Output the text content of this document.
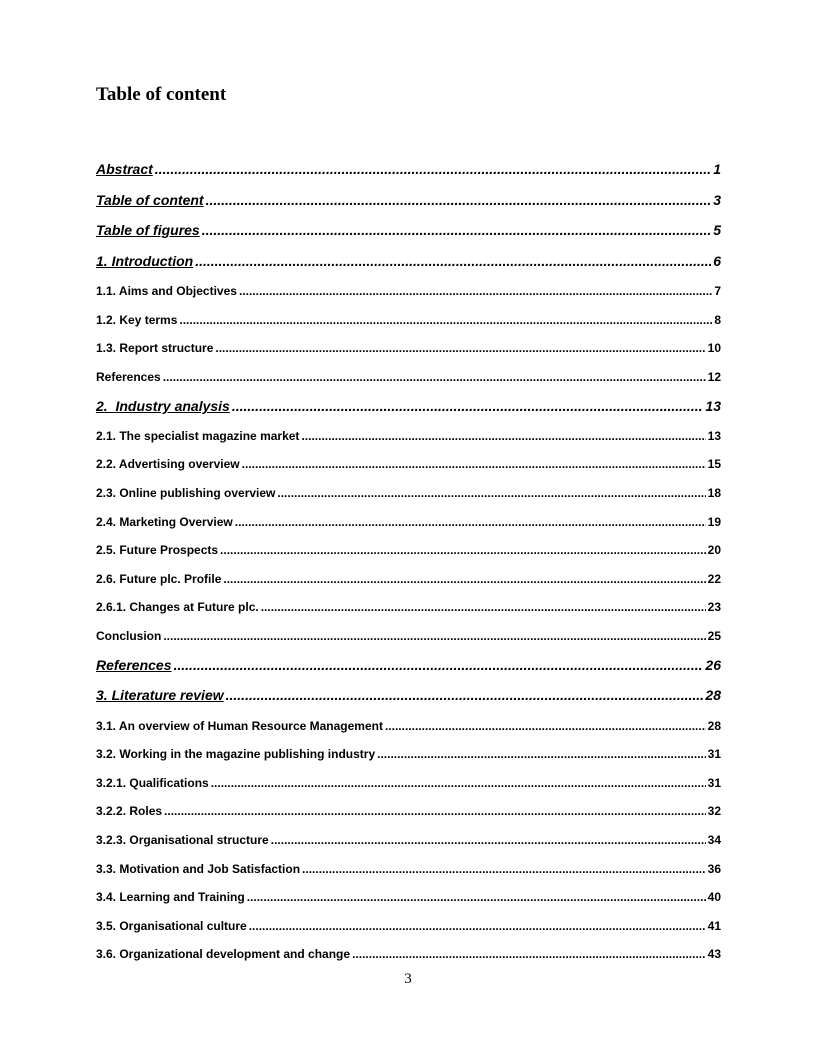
Table of content
Abstract .....	1
Table of content .....	3
Table of figures .....	5
1. Introduction .....	6
1.1. Aims and Objectives .....	7
1.2. Key terms .....	8
1.3. Report structure .....	10
References .....	12
2.  Industry analysis .....	13
2.1. The specialist magazine market .....	13
2.2. Advertising overview .....	15
2.3. Online publishing overview .....	18
2.4. Marketing Overview .....	19
2.5. Future Prospects .....	20
2.6. Future plc. Profile .....	22
2.6.1. Changes at Future plc. .....	23
Conclusion .....	25
References .....	26
3. Literature review .....	28
3.1. An overview of Human Resource Management .....	28
3.2. Working in the magazine publishing industry .....	31
3.2.1. Qualifications .....	31
3.2.2. Roles .....	32
3.2.3. Organisational structure .....	34
3.3. Motivation and Job Satisfaction .....	36
3.4. Learning and Training .....	40
3.5. Organisational culture .....	41
3.6. Organizational development and change .....	43
3
